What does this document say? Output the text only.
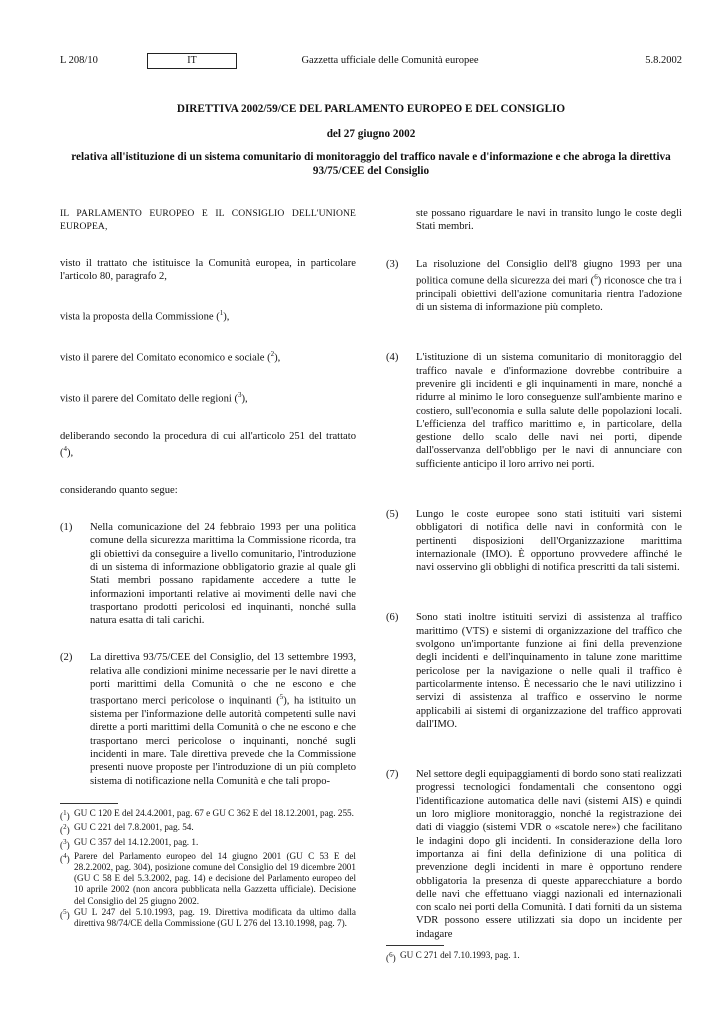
L 208/10	IT	Gazzetta ufficiale delle Comunità europee	5.8.2002
DIRETTIVA 2002/59/CE DEL PARLAMENTO EUROPEO E DEL CONSIGLIO
del 27 giugno 2002
relativa all'istituzione di un sistema comunitario di monitoraggio del traffico navale e d'informazione e che abroga la direttiva 93/75/CEE del Consiglio

IL PARLAMENTO EUROPEO E IL CONSIGLIO DELL'UNIONE EUROPEA,

visto il trattato che istituisce la Comunità europea, in particolare l'articolo 80, paragrafo 2,

vista la proposta della Commissione ($^1$),

visto il parere del Comitato economico e sociale ($^2$),

visto il parere del Comitato delle regioni ($^3$),

deliberando secondo la procedura di cui all'articolo 251 del trattato ($^4$),

considerando quanto segue:

(1)	Nella comunicazione del 24 febbraio 1993 per una politica comune della sicurezza marittima la Commissione ricorda, tra gli obiettivi da conseguire a livello comunitario, l'introduzione di un sistema di informazione obbligatorio grazie al quale gli Stati membri possano rapidamente accedere a tutte le informazioni importanti relative ai movimenti delle navi che trasportano prodotti pericolosi ed inquinanti, nonché sulla natura esatta di tali carichi.
(2)	La direttiva 93/75/CEE del Consiglio, del 13 settembre 1993, relativa alle condizioni minime necessarie per le navi dirette a porti marittimi della Comunità o che ne escono e che trasportano merci pericolose o inquinanti ($^5$), ha istituito un sistema per l'informazione delle autorità competenti sulle navi dirette a porti marittimi della Comunità o che ne escono e che trasportano merci pericolose o inquinanti, nonché sugli incidenti in mare. Tale direttiva prevede che la Commissione presenti nuove proposte per l'introduzione di un più completo sistema di notificazione nella Comunità e che tali propo-
ste possano riguardare le navi in transito lungo le coste degli Stati membri.
(3)	La risoluzione del Consiglio dell'8 giugno 1993 per una politica comune della sicurezza dei mari ($^6$) riconosce che tra i principali obiettivi dell'azione comunitaria rientra l'adozione di un sistema di informazione più completo.
(4)	L'istituzione di un sistema comunitario di monitoraggio del traffico navale e d'informazione dovrebbe contribuire a prevenire gli incidenti e gli inquinamenti in mare, nonché a ridurre al minimo le loro conseguenze sull'ambiente marino e costiero, sull'economia e sulla salute delle popolazioni locali. L'efficienza del traffico marittimo e, in particolare, della gestione dello scalo delle navi nei porti, dipende dall'osservanza dell'obbligo per le navi di annunciare con sufficiente anticipo il loro arrivo nei porti.
(5)	Lungo le coste europee sono stati istituiti vari sistemi obbligatori di notifica delle navi in conformità con le pertinenti disposizioni dell'Organizzazione marittima internazionale (IMO). È opportuno provvedere affinché le navi osservino gli obblighi di notifica prescritti da tali sistemi.
(6)	Sono stati inoltre istituiti servizi di assistenza al traffico marittimo (VTS) e sistemi di organizzazione del traffico che svolgono un'importante funzione ai fini della prevenzione degli incidenti e dell'inquinamento in talune zone marittime pericolose per la navigazione o nelle quali il traffico è particolarmente intenso. È necessario che le navi utilizzino i servizi di assistenza al traffico e osservino le norme applicabili ai sistemi di organizzazione del traffico approvati dall'IMO.
(7)	Nel settore degli equipaggiamenti di bordo sono stati realizzati progressi tecnologici fondamentali che consentono oggi l'identificazione automatica delle navi (sistemi AIS) e quindi un loro migliore monitoraggio, nonché la registrazione dei dati di viaggio (sistemi VDR o «scatole nere») che facilitano le indagini dopo gli incidenti. In considerazione della loro importanza ai fini della definizione di una politica di prevenzione degli incidenti in mare è opportuno rendere obbligatoria la presenza di queste apparecchiature a bordo delle navi che effettuano viaggi nazionali ed internazionali con scalo nei porti della Comunità. I dati forniti da un sistema VDR possono essere utilizzati sia dopo un incidente per indagare
($^1$) GU C 120 E del 24.4.2001, pag. 67 e GU C 362 E del 18.12.2001, pag. 255.
($^2$) GU C 221 del 7.8.2001, pag. 54.
($^3$) GU C 357 del 14.12.2001, pag. 1.
($^4$) Parere del Parlamento europeo del 14 giugno 2001 (GU C 53 E del 28.2.2002, pag. 304), posizione comune del Consiglio del 19 dicembre 2001 (GU C 58 E del 5.3.2002, pag. 14) e decisione del Parlamento europeo del 10 aprile 2002 (non ancora pubblicata nella Gazzetta ufficiale). Decisione del Consiglio del 25 giugno 2002.
($^5$) GU L 247 del 5.10.1993, pag. 19. Direttiva modificata da ultimo dalla direttiva 98/74/CE della Commissione (GU L 276 del 13.10.1998, pag. 7).
($^6$) GU C 271 del 7.10.1993, pag. 1.
